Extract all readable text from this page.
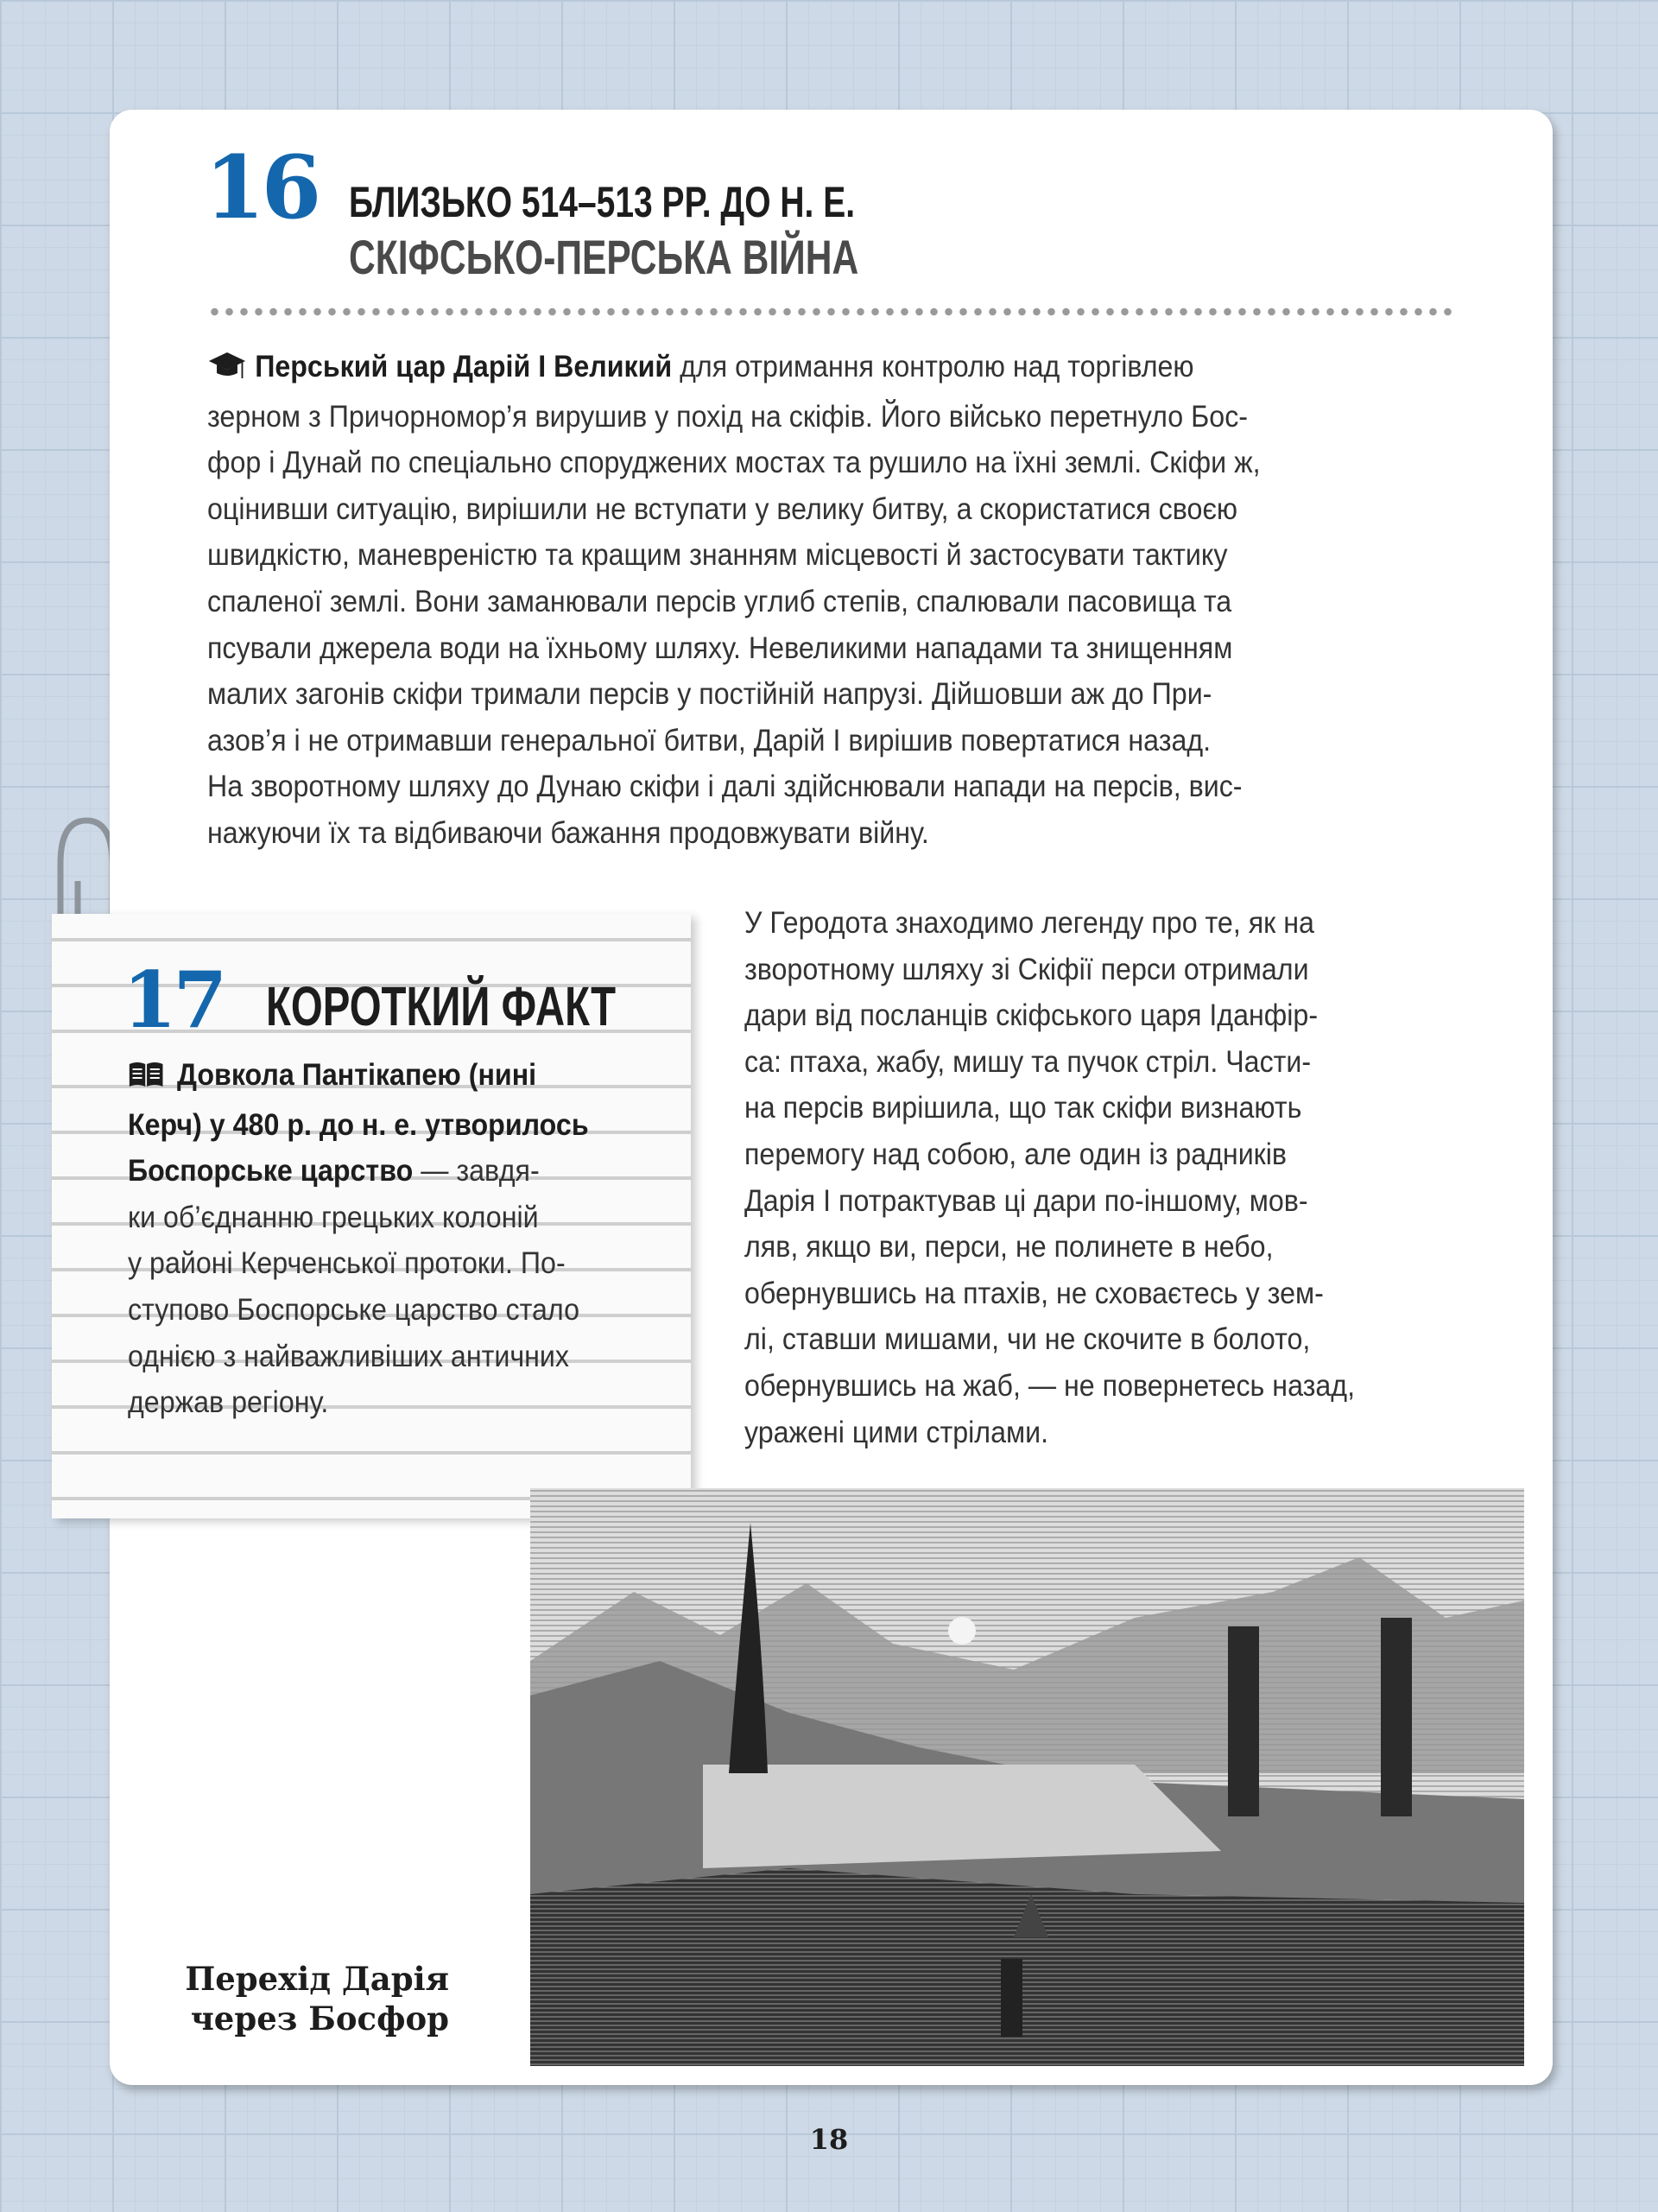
16 БЛИЗЬКО 514–513 РР. ДО Н. Е.
СКІФСЬКО-ПЕРСЬКА ВІЙНА
Перський цар Дарій І Великий для отримання контролю над торгівлею
зерном з Причорномор’я вирушив у похід на скіфів. Його військо перетнуло Бос-
фор і Дунай по спеціально споруджених мостах та рушило на їхні землі. Скіфи ж,
оцінивши ситуацію, вирішили не вступати у велику битву, а скористатися своєю
швидкістю, маневреністю та кращим знанням місцевості й застосувати тактику
спаленої землі. Вони заманювали персів углиб степів, спалювали пасовища та
псували джерела води на їхньому шляху. Невеликими нападами та знищенням
малих загонів скіфи тримали персів у постійній напрузі. Дійшовши аж до При-
азов’я і не отримавши генеральної битви, Дарій І вирішив повертатися назад.
На зворотному шляху до Дунаю скіфи і далі здійснювали напади на персів, вис-
нажуючи їх та відбиваючи бажання продовжувати війну.
17 КОРОТКИЙ ФАКТ
Довкола Пантікапею (нині
Керч) у 480 р. до н. е. утворилось
Боспорське царство — завдя-
ки об’єднанню грецьких колоній
у районі Керченської протоки. По-
ступово Боспорське царство стало
однією з найважливіших античних
держав регіону.
У Геродота знаходимо легенду про те, як на
зворотному шляху зі Скіфії перси отримали
дари від посланців скіфського царя Іданфір-
са: птаха, жабу, мишу та пучок стріл. Части-
на персів вирішила, що так скіфи визнають
перемогу над собою, але один із радників
Дарія І потрактував ці дари по-іншому, мов-
ляв, якщо ви, перси, не полинете в небо,
обернувшись на птахів, не сховаєтесь у зем-
лі, ставши мишами, чи не скочите в болото,
обернувшись на жаб, — не повернетесь назад,
уражені цими стрілами.
Перехід Дарія
через Босфор
18
